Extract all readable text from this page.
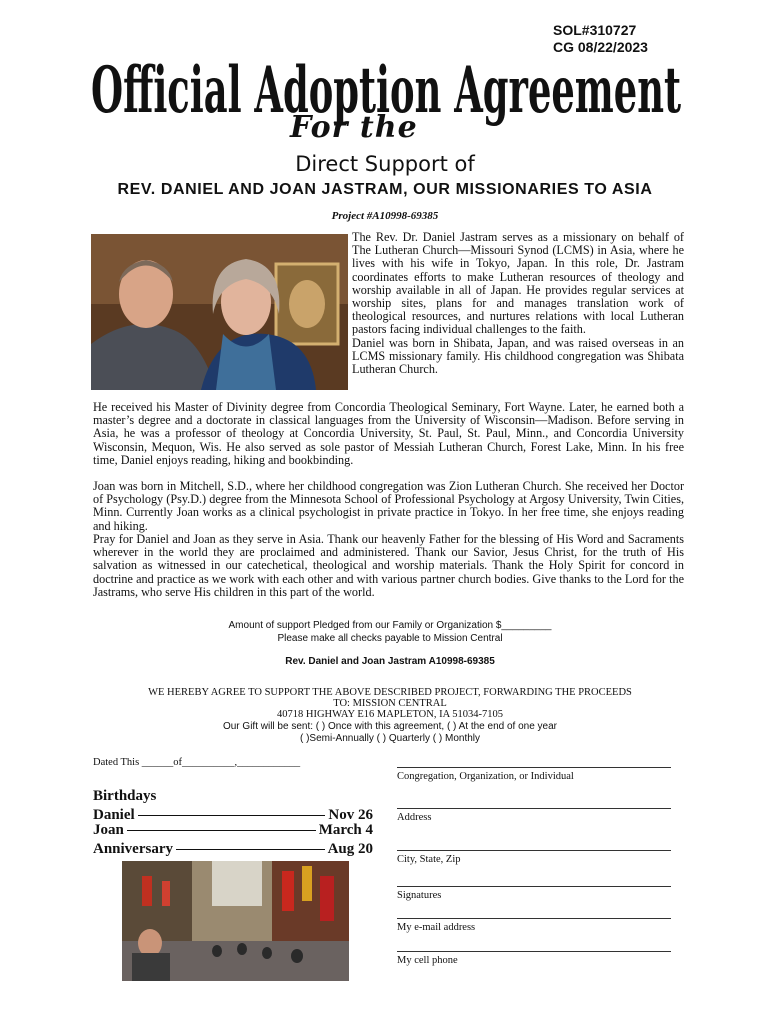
SOL#310727
CG 08/22/2023
Official Adoption Agreement
For the
Direct Support of
REV. DANIEL AND JOAN JASTRAM, OUR MISSIONARIES TO ASIA
Project #A10998-69385

The Rev. Dr. Daniel Jastram serves as a missionary on behalf of The Lutheran Church—Missouri Synod (LCMS) in Asia, where he lives with his wife in Tokyo, Japan. In this role, Dr. Jastram coordinates efforts to make Lutheran resources of theology and worship available in all of Japan. He provides regular services at worship sites, plans for and manages translation work of theological resources, and nurtures relations with local Lutheran pastors facing individual challenges to the faith.
Daniel was born in Shibata, Japan, and was raised overseas in an LCMS missionary family. His childhood congregation was Shibata Lutheran Church.

He received his Master of Divinity degree from Concordia Theological Seminary, Fort Wayne. Later, he earned both a master’s degree and a doctorate in classical languages from the University of Wisconsin—Madison. Before serving in Asia, he was a professor of theology at Concordia University, St. Paul, St. Paul, Minn., and Concordia University Wisconsin, Mequon, Wis. He also served as sole pastor of Messiah Lutheran Church, Forest Lake, Minn. In his free time, Daniel enjoys reading, hiking and bookbinding.

Joan was born in Mitchell, S.D., where her childhood congregation was Zion Lutheran Church. She received her Doctor of Psychology (Psy.D.) degree from the Minnesota School of Professional Psychology at Argosy University, Twin Cities, Minn. Currently Joan works as a clinical psychologist in private practice in Tokyo. In her free time, she enjoys reading and hiking.

Pray for Daniel and Joan as they serve in Asia. Thank our heavenly Father for the blessing of His Word and Sacraments wherever in the world they are proclaimed and administered. Thank our Savior, Jesus Christ, for the truth of His salvation as witnessed in our catechetical, theological and worship materials. Thank the Holy Spirit for concord in doctrine and practice as we work with each other and with various partner church bodies. Give thanks to the Lord for the Jastrams, who serve His children in this part of the world.

Amount of support Pledged from our Family or Organization $_________
Please make all checks payable to Mission Central
Rev. Daniel and Joan Jastram A10998-69385
WE HEREBY AGREE TO SUPPORT THE ABOVE DESCRIBED PROJECT, FORWARDING THE PROCEEDS
TO: MISSION CENTRAL
40718 HIGHWAY E16 MAPLETON, IA 51034-7105
Our Gift will be sent: ( ) Once with this agreement, ( ) At the end of one year
( )Semi-Annually ( ) Quarterly ( ) Monthly
Dated This ______of__________,____________
Birthdays
Daniel	Nov 26
Joan	March 4
Anniversary	Aug 20
Congregation, Organization, or Individual
Address
City, State, Zip
Signatures
My e-mail address
My cell phone
